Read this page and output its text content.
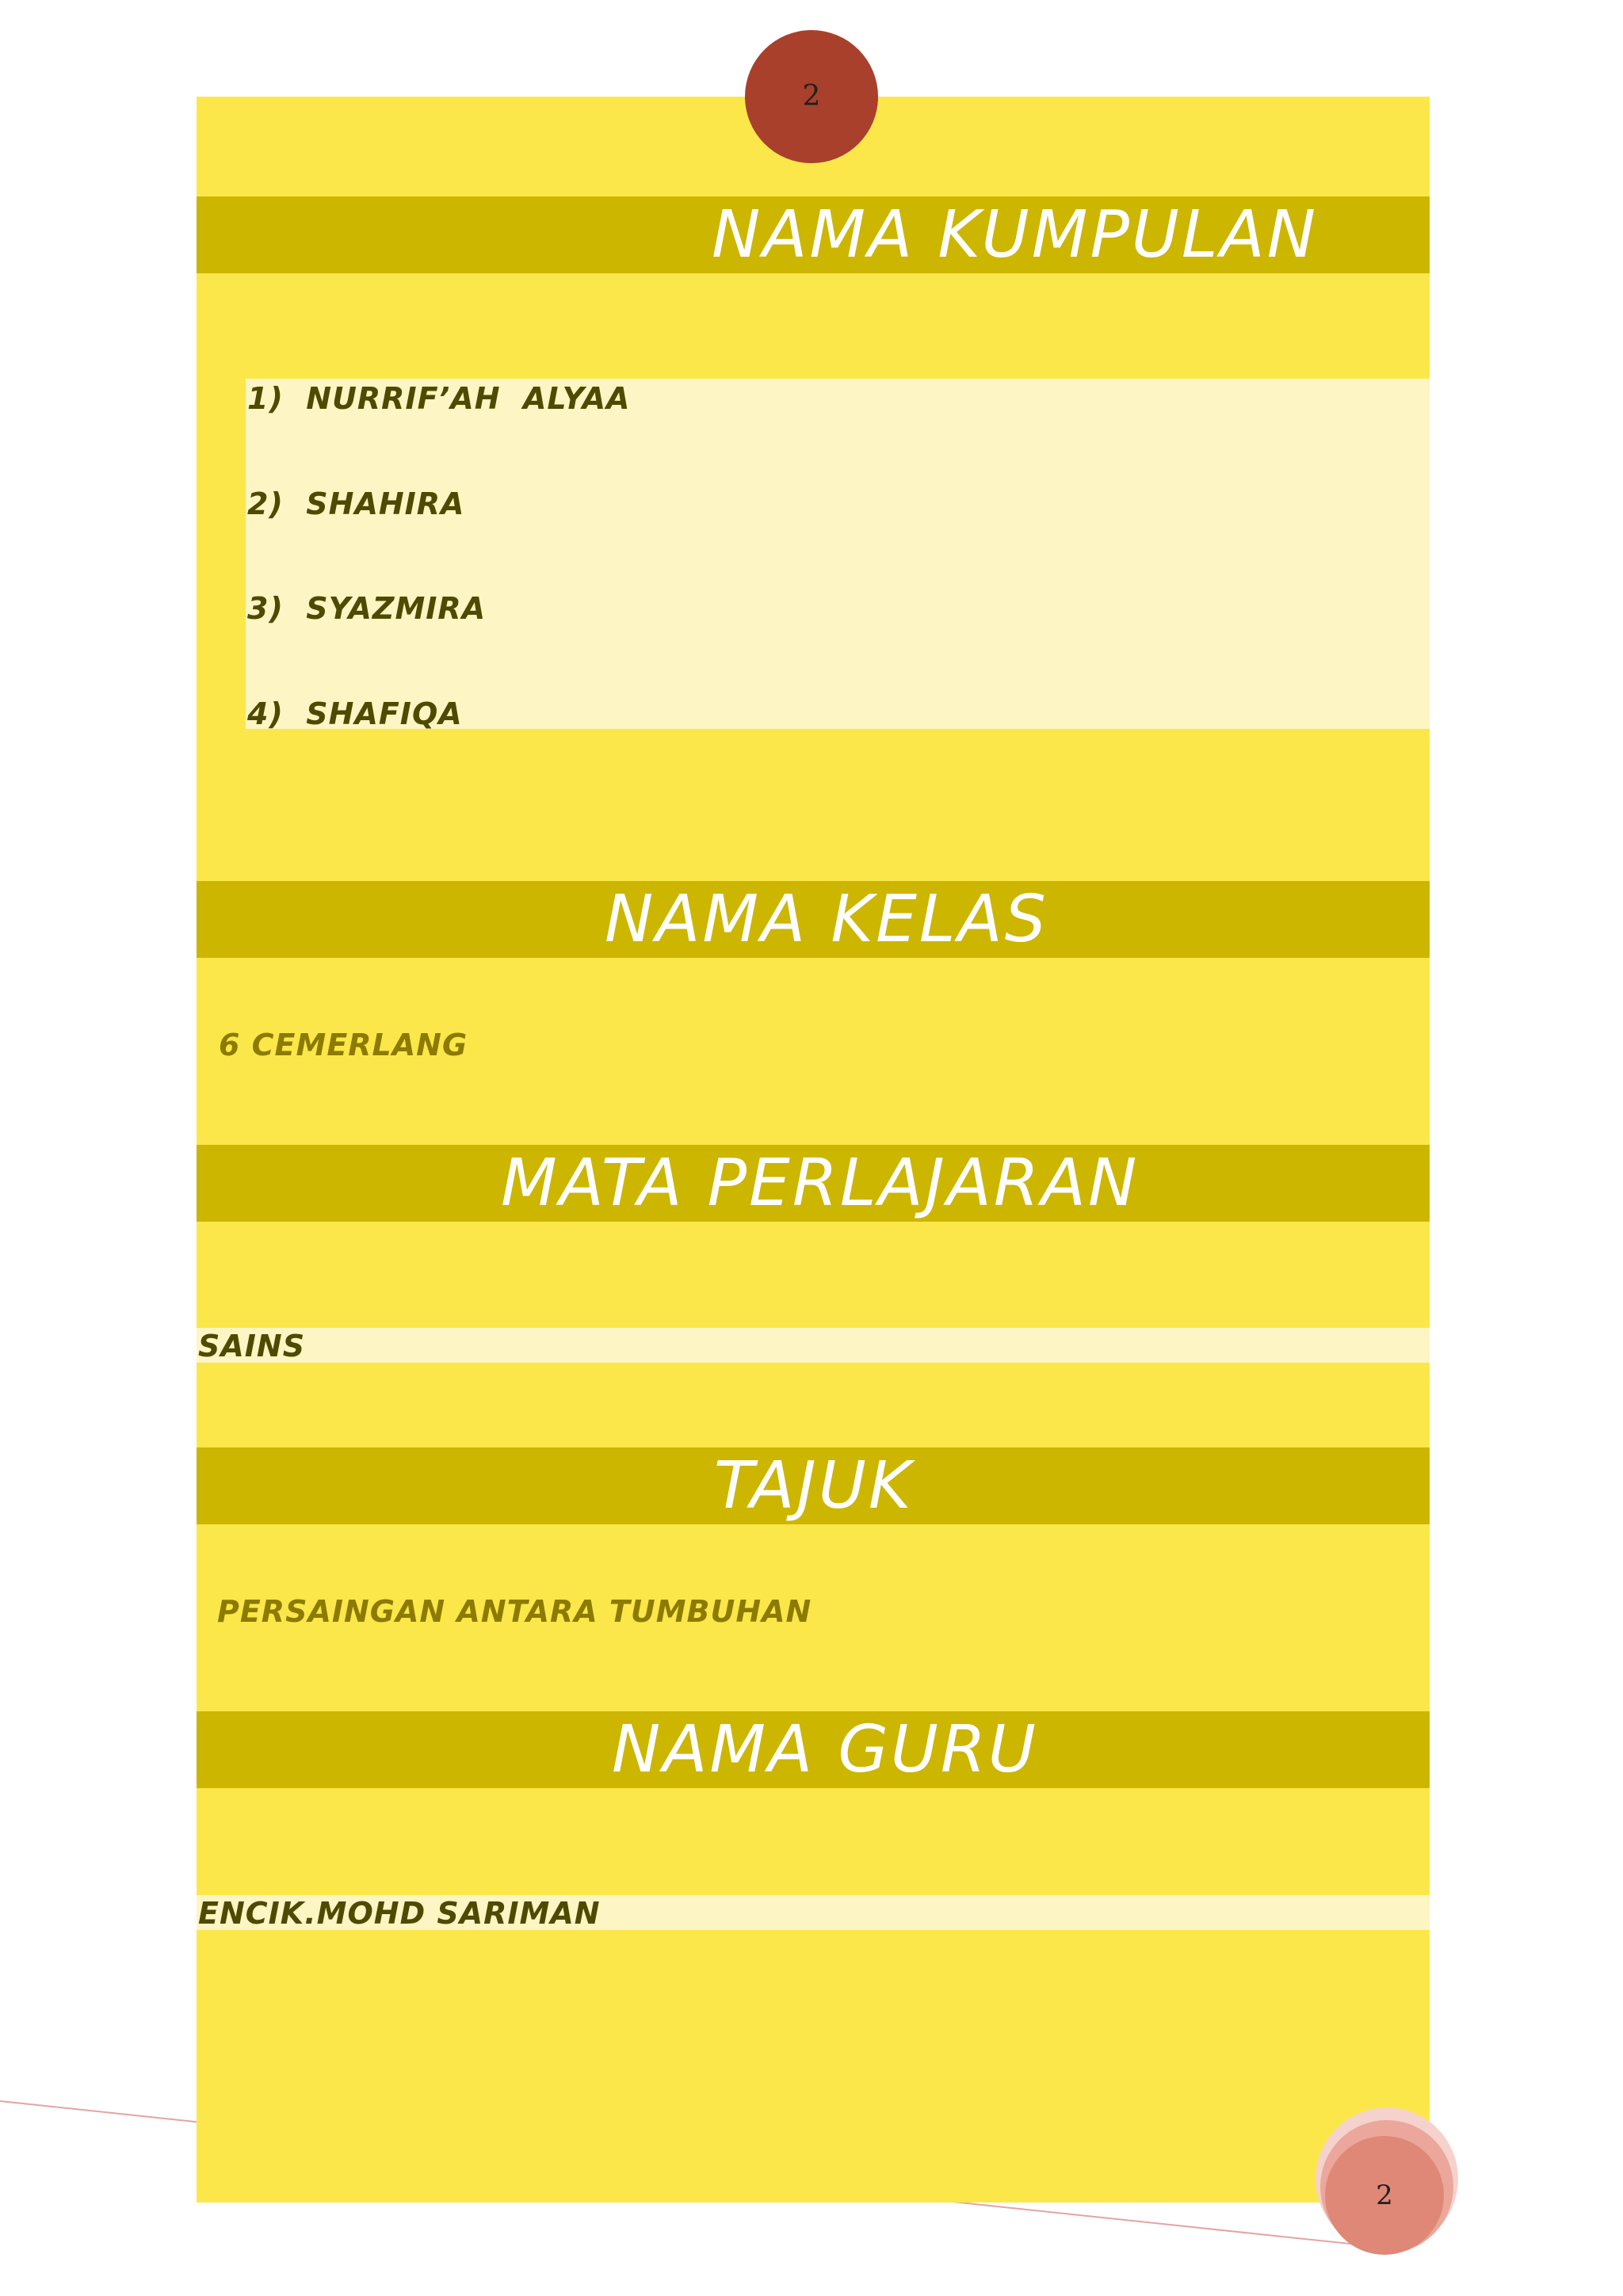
2
NAMA KUMPULAN
1)  NURRIF’AH  ALYAA
2)  SHAHIRA
3)  SYAZMIRA
4)  SHAFIQA
NAMA KELAS
6 CEMERLANG
MATA PERLAJARAN
SAINS
TAJUK
PERSAINGAN ANTARA TUMBUHAN
NAMA GURU
ENCIK.MOHD SARIMAN
2
